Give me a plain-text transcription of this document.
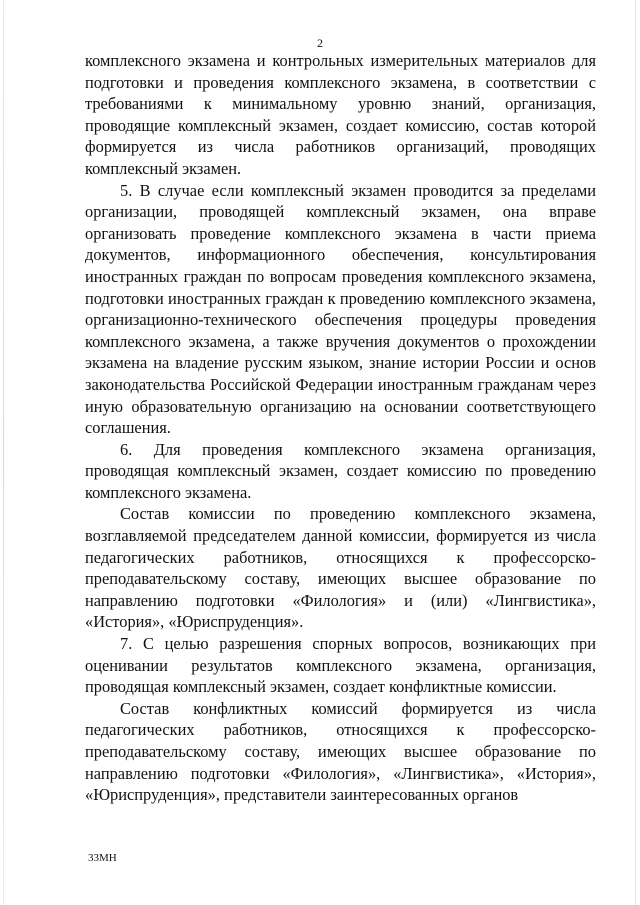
2

комплексного экзамена и контрольных измерительных материалов для подготовки и проведения комплексного экзамена, в соответствии с требованиями к минимальному уровню знаний, организация, проводящие комплексный экзамен, создает комиссию, состав которой формируется из числа работников организаций, проводящих комплексный экзамен.

5. В случае если комплексный экзамен проводится за пределами организации, проводящей комплексный экзамен, она вправе организовать проведение комплексного экзамена в части приема документов, информационного обеспечения, консультирования иностранных граждан по вопросам проведения комплексного экзамена, подготовки иностранных граждан к проведению комплексного экзамена, организационно-технического обеспечения процедуры проведения комплексного экзамена, а также вручения документов о прохождении экзамена на владение русским языком, знание истории России и основ законодательства Российской Федерации иностранным гражданам через иную образовательную организацию на основании соответствующего соглашения.

6. Для проведения комплексного экзамена организация, проводящая комплексный экзамен, создает комиссию по проведению комплексного экзамена.

Состав комиссии по проведению комплексного экзамена, возглавляемой председателем данной комиссии, формируется из числа педагогических работников, относящихся к профессорско-преподавательскому составу, имеющих высшее образование по направлению подготовки «Филология» и (или) «Лингвистика», «История», «Юриспруденция».

7. С целью разрешения спорных вопросов, возникающих при оценивании результатов комплексного экзамена, организация, проводящая комплексный экзамен, создает конфликтные комиссии.

Состав конфликтных комиссий формируется из числа педагогических работников, относящихся к профессорско-преподавательскому составу, имеющих высшее образование по направлению подготовки «Филология», «Лингвистика», «История», «Юриспруденция», представители заинтересованных органов

33МН
